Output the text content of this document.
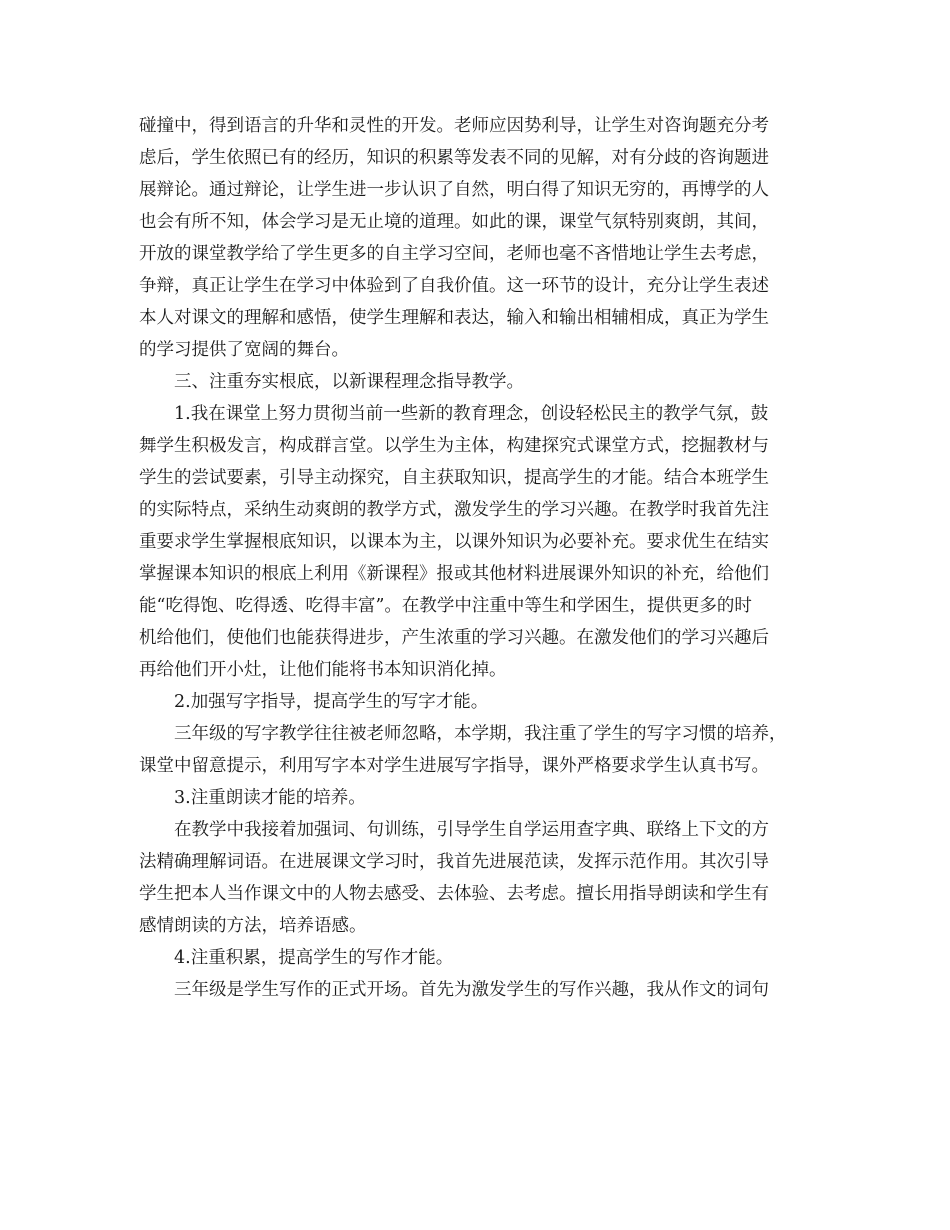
碰撞中，得到语言的升华和灵性的开发。老师应因势利导，让学生对咨询题充分考
虑后，学生依照已有的经历，知识的积累等发表不同的见解，对有分歧的咨询题进
展辩论。通过辩论，让学生进一步认识了自然，明白得了知识无穷的，再博学的人
也会有所不知，体会学习是无止境的道理。如此的课，课堂气氛特别爽朗，其间，
开放的课堂教学给了学生更多的自主学习空间，老师也毫不吝惜地让学生去考虑，
争辩，真正让学生在学习中体验到了自我价值。这一环节的设计，充分让学生表述
本人对课文的理解和感悟，使学生理解和表达，输入和输出相辅相成，真正为学生
的学习提供了宽阔的舞台。
三、注重夯实根底，以新课程理念指导教学。
1.我在课堂上努力贯彻当前一些新的教育理念，创设轻松民主的教学气氛，鼓
舞学生积极发言，构成群言堂。以学生为主体，构建探究式课堂方式，挖掘教材与
学生的尝试要素，引导主动探究，自主获取知识，提高学生的才能。结合本班学生
的实际特点，采纳生动爽朗的教学方式，激发学生的学习兴趣。在教学时我首先注
重要求学生掌握根底知识，以课本为主，以课外知识为必要补充。要求优生在结实
掌握课本知识的根底上利用《新课程》报或其他材料进展课外知识的补充，给他们
能“吃得饱、吃得透、吃得丰富”。在教学中注重中等生和学困生，提供更多的时
机给他们，使他们也能获得进步，产生浓重的学习兴趣。在激发他们的学习兴趣后
再给他们开小灶，让他们能将书本知识消化掉。
2.加强写字指导，提高学生的写字才能。
三年级的写字教学往往被老师忽略，本学期，我注重了学生的写字习惯的培养，
课堂中留意提示，利用写字本对学生进展写字指导，课外严格要求学生认真书写。
3.注重朗读才能的培养。
在教学中我接着加强词、句训练，引导学生自学运用查字典、联络上下文的方
法精确理解词语。在进展课文学习时，我首先进展范读，发挥示范作用。其次引导
学生把本人当作课文中的人物去感受、去体验、去考虑。擅长用指导朗读和学生有
感情朗读的方法，培养语感。
4.注重积累，提高学生的写作才能。
三年级是学生写作的正式开场。首先为激发学生的写作兴趣，我从作文的词句
